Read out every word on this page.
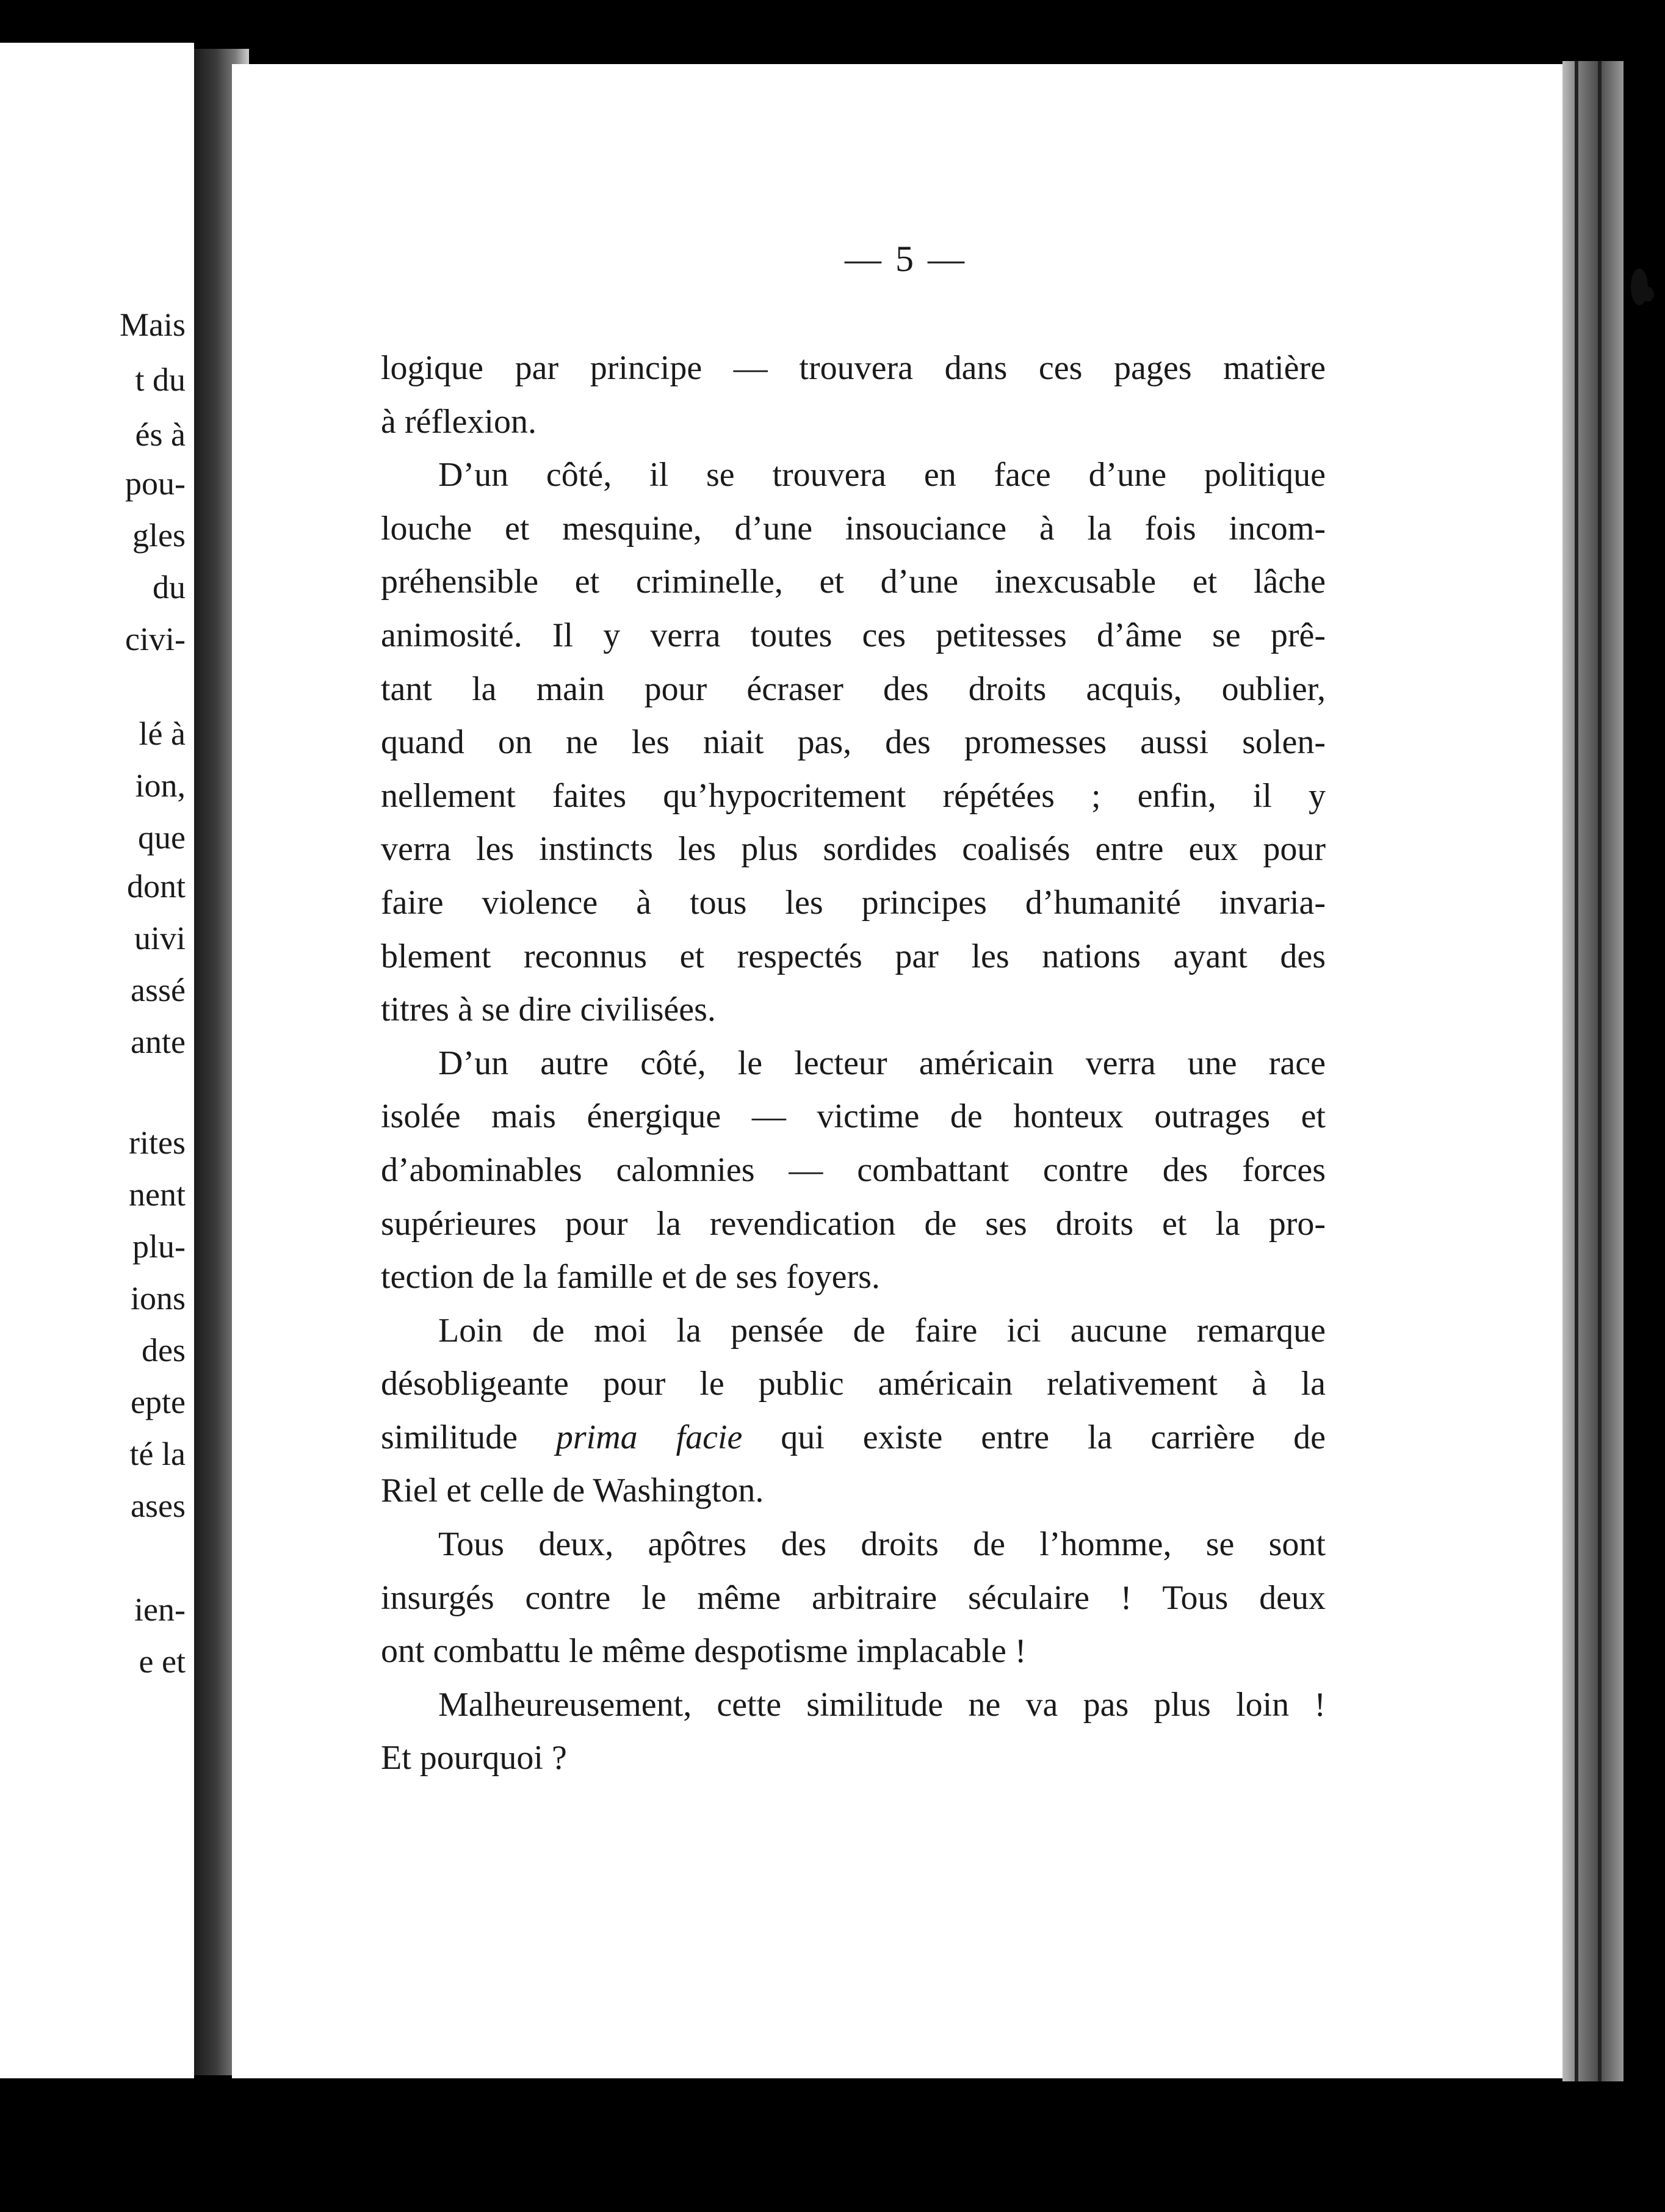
Mais
t du
és à
pou-
gles
du
civi-
lé à
ion,
que
dont
uivi
assé
ante
rites
nent
plu-
ions
des
epte
té la
ases
ien-
e et
— 5 —
logique par principe — trouvera dans ces pages matière
à réflexion.
D’un côté, il se trouvera en face d’une politique
louche et mesquine, d’une insouciance à la fois incom-
préhensible et criminelle, et d’une inexcusable et lâche
animosité. Il y verra toutes ces petitesses d’âme se prê-
tant la main pour écraser des droits acquis, oublier,
quand on ne les niait pas, des promesses aussi solen-
nellement faites qu’hypocritement répétées ; enfin, il y
verra les instincts les plus sordides coalisés entre eux pour
faire violence à tous les principes d’humanité invaria-
blement reconnus et respectés par les nations ayant des
titres à se dire civilisées.
D’un autre côté, le lecteur américain verra une race
isolée mais énergique — victime de honteux outrages et
d’abominables calomnies — combattant contre des forces
supérieures pour la revendication de ses droits et la pro-
tection de la famille et de ses foyers.
Loin de moi la pensée de faire ici aucune remarque
désobligeante pour le public américain relativement à la
similitude prima facie qui existe entre la carrière de
Riel et celle de Washington.
Tous deux, apôtres des droits de l’homme, se sont
insurgés contre le même arbitraire séculaire ! Tous deux
ont combattu le même despotisme implacable !
Malheureusement, cette similitude ne va pas plus loin !
Et pourquoi ?
